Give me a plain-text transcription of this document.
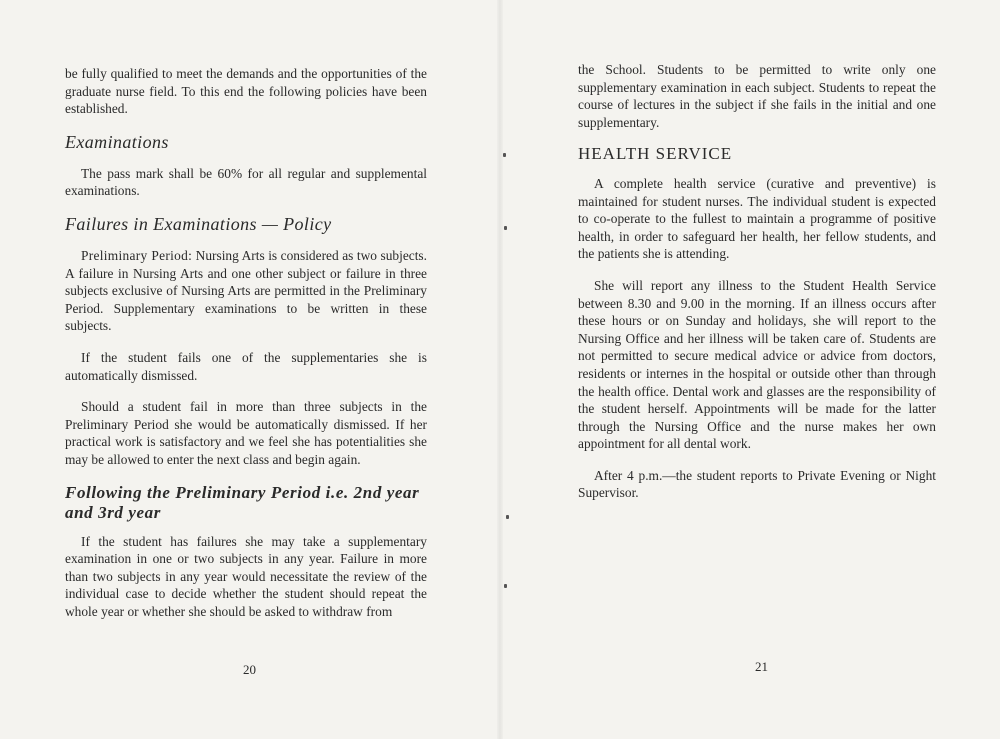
be fully qualified to meet the demands and the opportunities of the graduate nurse field. To this end the following policies have been established.

Examinations

The pass mark shall be 60% for all regular and supplemental examinations.

Failures in Examinations — Policy

Preliminary Period: Nursing Arts is considered as two subjects. A failure in Nursing Arts and one other subject or failure in three subjects exclusive of Nursing Arts are permitted in the Preliminary Period. Supplementary examinations to be written in these subjects.

If the student fails one of the supplementaries she is automatically dismissed.

Should a student fail in more than three subjects in the Preliminary Period she would be automatically dismissed. If her practical work is satisfactory and we feel she has potentialities she may be allowed to enter the next class and begin again.

Following the Preliminary Period i.e. 2nd year and 3rd year

If the student has failures she may take a supplementary examination in one or two subjects in any year. Failure in more than two subjects in any year would necessitate the review of the individual case to decide whether the student should repeat the whole year or whether she should be asked to withdraw from

20

the School. Students to be permitted to write only one supplementary examination in each subject. Students to repeat the course of lectures in the subject if she fails in the initial and one supplementary.

HEALTH SERVICE

A complete health service (curative and preventive) is maintained for student nurses. The individual student is expected to co-operate to the fullest to maintain a programme of positive health, in order to safeguard her health, her fellow students, and the patients she is attending.

She will report any illness to the Student Health Service between 8.30 and 9.00 in the morning. If an illness occurs after these hours or on Sunday and holidays, she will report to the Nursing Office and her illness will be taken care of. Students are not permitted to secure medical advice or advice from doctors, residents or internes in the hospital or outside other than through the health office. Dental work and glasses are the responsibility of the student herself. Appointments will be made for the latter through the Nursing Office and the nurse makes her own appointment for all dental work.

After 4 p.m.—the student reports to Private Evening or Night Supervisor.

21
